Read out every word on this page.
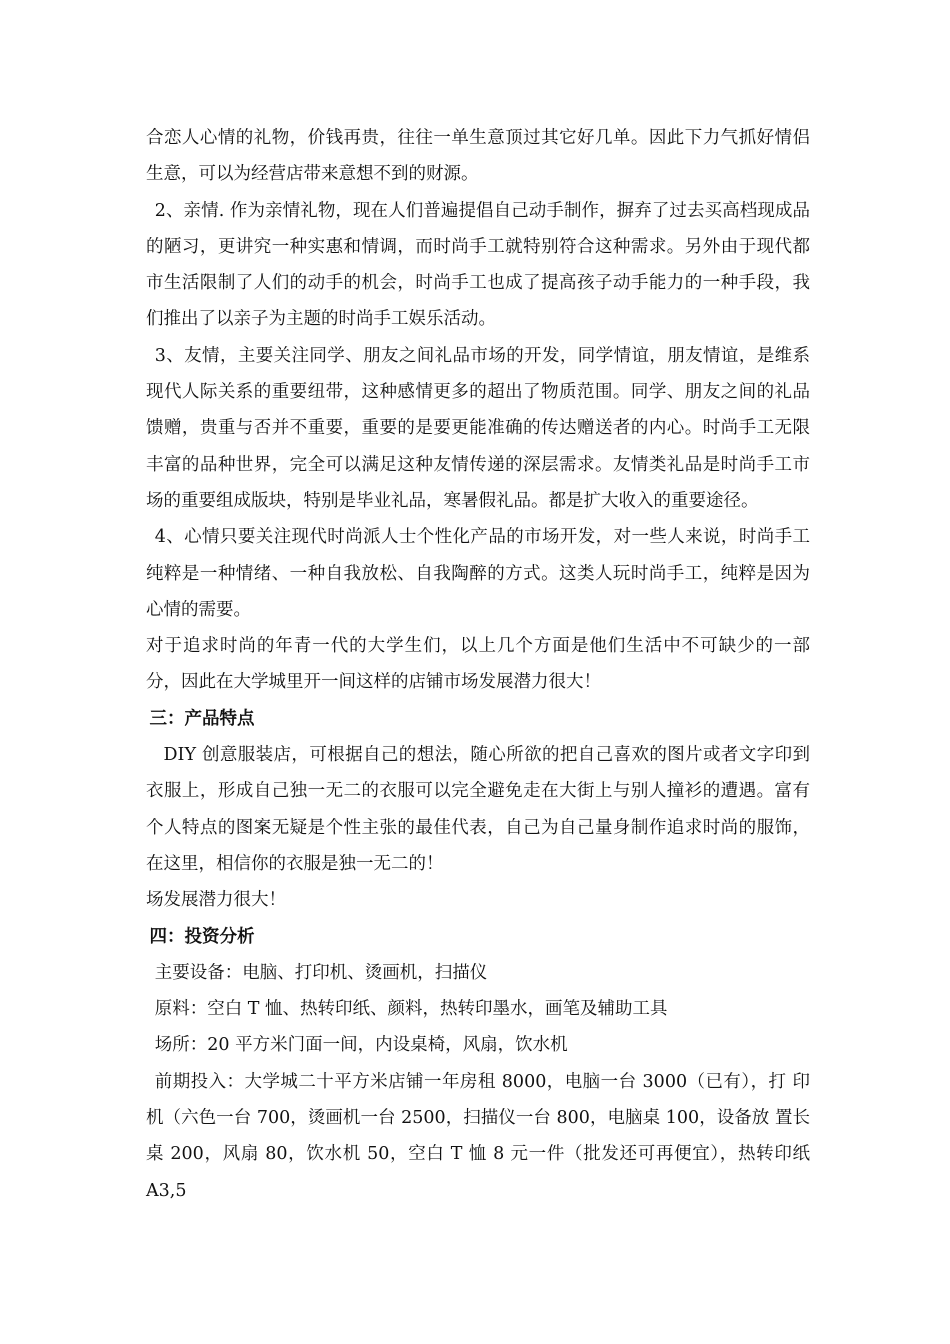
合恋人心情的礼物，价钱再贵，往往一单生意顶过其它好几单。因此下力气抓好情侣生意，可以为经营店带来意想不到的财源。

2、亲情. 作为亲情礼物，现在人们普遍提倡自己动手制作，摒弃了过去买高档现成品的陋习，更讲究一种实惠和情调，而时尚手工就特别符合这种需求。另外由于现代都市生活限制了人们的动手的机会，时尚手工也成了提高孩子动手能力的一种手段，我们推出了以亲子为主题的时尚手工娱乐活动。

3、友情，主要关注同学、朋友之间礼品市场的开发，同学情谊，朋友情谊，是维系现代人际关系的重要纽带，这种感情更多的超出了物质范围。同学、朋友之间的礼品馈赠，贵重与否并不重要，重要的是要更能准确的传达赠送者的内心。时尚手工无限丰富的品种世界，完全可以满足这种友情传递的深层需求。友情类礼品是时尚手工市场的重要组成版块，特别是毕业礼品，寒暑假礼品。都是扩大收入的重要途径。

4、心情只要关注现代时尚派人士个性化产品的市场开发，对一些人来说，时尚手工纯粹是一种情绪、一种自我放松、自我陶醉的方式。这类人玩时尚手工，纯粹是因为心情的需要。

对于追求时尚的年青一代的大学生们，以上几个方面是他们生活中不可缺少的一部分，因此在大学城里开一间这样的店铺市场发展潜力很大！

三：产品特点

DIY 创意服装店，可根据自己的想法，随心所欲的把自己喜欢的图片或者文字印到衣服上，形成自己独一无二的衣服可以完全避免走在大街上与别人撞衫的遭遇。富有个人特点的图案无疑是个性主张的最佳代表，自己为自己量身制作追求时尚的服饰，在这里，相信你的衣服是独一无二的！

场发展潜力很大！

四：投资分析

主要设备：电脑、打印机、烫画机，扫描仪

原料：空白 T 恤、热转印纸、颜料，热转印墨水，画笔及辅助工具

场所：20 平方米门面一间，内设桌椅，风扇，饮水机

前期投入：大学城二十平方米店铺一年房租 8000，电脑一台 3000（已有），打 印机（六色一台 700，烫画机一台 2500，扫描仪一台 800，电脑桌 100，设备放 置长桌 200，风扇 80，饮水机 50，空白 T 恤 8 元一件（批发还可再便宜），热转印纸 A3,5
